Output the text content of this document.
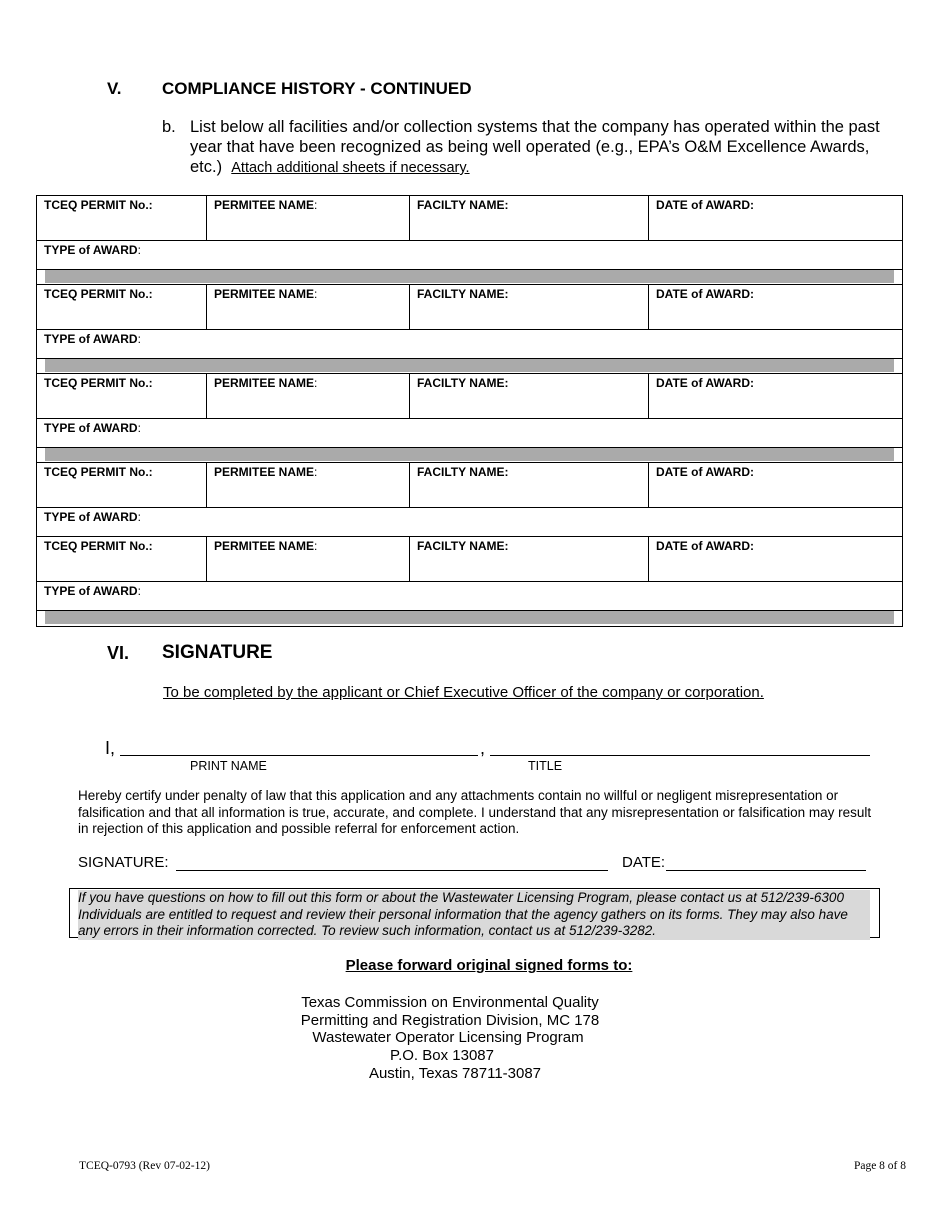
V. COMPLIANCE HISTORY - CONTINUED
b. List below all facilities and/or collection systems that the company has operated within the past year that have been recognized as being well operated (e.g., EPA’s O&M Excellence Awards, etc.) Attach additional sheets if necessary.
TCEQ PERMIT No.:	PERMITEE NAME:	FACILTY NAME:	DATE of AWARD:
TYPE of AWARD:
TCEQ PERMIT No.:	PERMITEE NAME:	FACILTY NAME:	DATE of AWARD:
TYPE of AWARD:
TCEQ PERMIT No.:	PERMITEE NAME:	FACILTY NAME:	DATE of AWARD:
TYPE of AWARD:
TCEQ PERMIT No.:	PERMITEE NAME:	FACILTY NAME:	DATE of AWARD:
TYPE of AWARD:
TCEQ PERMIT No.:	PERMITEE NAME:	FACILTY NAME:	DATE of AWARD:
TYPE of AWARD:
VI. SIGNATURE
To be completed by the applicant or Chief Executive Officer of the company or corporation.
I,	,
PRINT NAME	TITLE
Hereby certify under penalty of law that this application and any attachments contain no willful or negligent misrepresentation or falsification and that all information is true, accurate, and complete. I understand that any misrepresentation or falsification may result in rejection of this application and possible referral for enforcement action.
SIGNATURE:	DATE:
If you have questions on how to fill out this form or about the Wastewater Licensing Program, please contact us at 512/239-6300 Individuals are entitled to request and review their personal information that the agency gathers on its forms. They may also have any errors in their information corrected. To review such information, contact us at 512/239-3282.
Please forward original signed forms to:
Texas Commission on Environmental Quality
Permitting and Registration Division, MC 178
Wastewater Operator Licensing Program
P.O. Box 13087
Austin, Texas 78711-3087
TCEQ-0793 (Rev 07-02-12)	Page 8 of 8
